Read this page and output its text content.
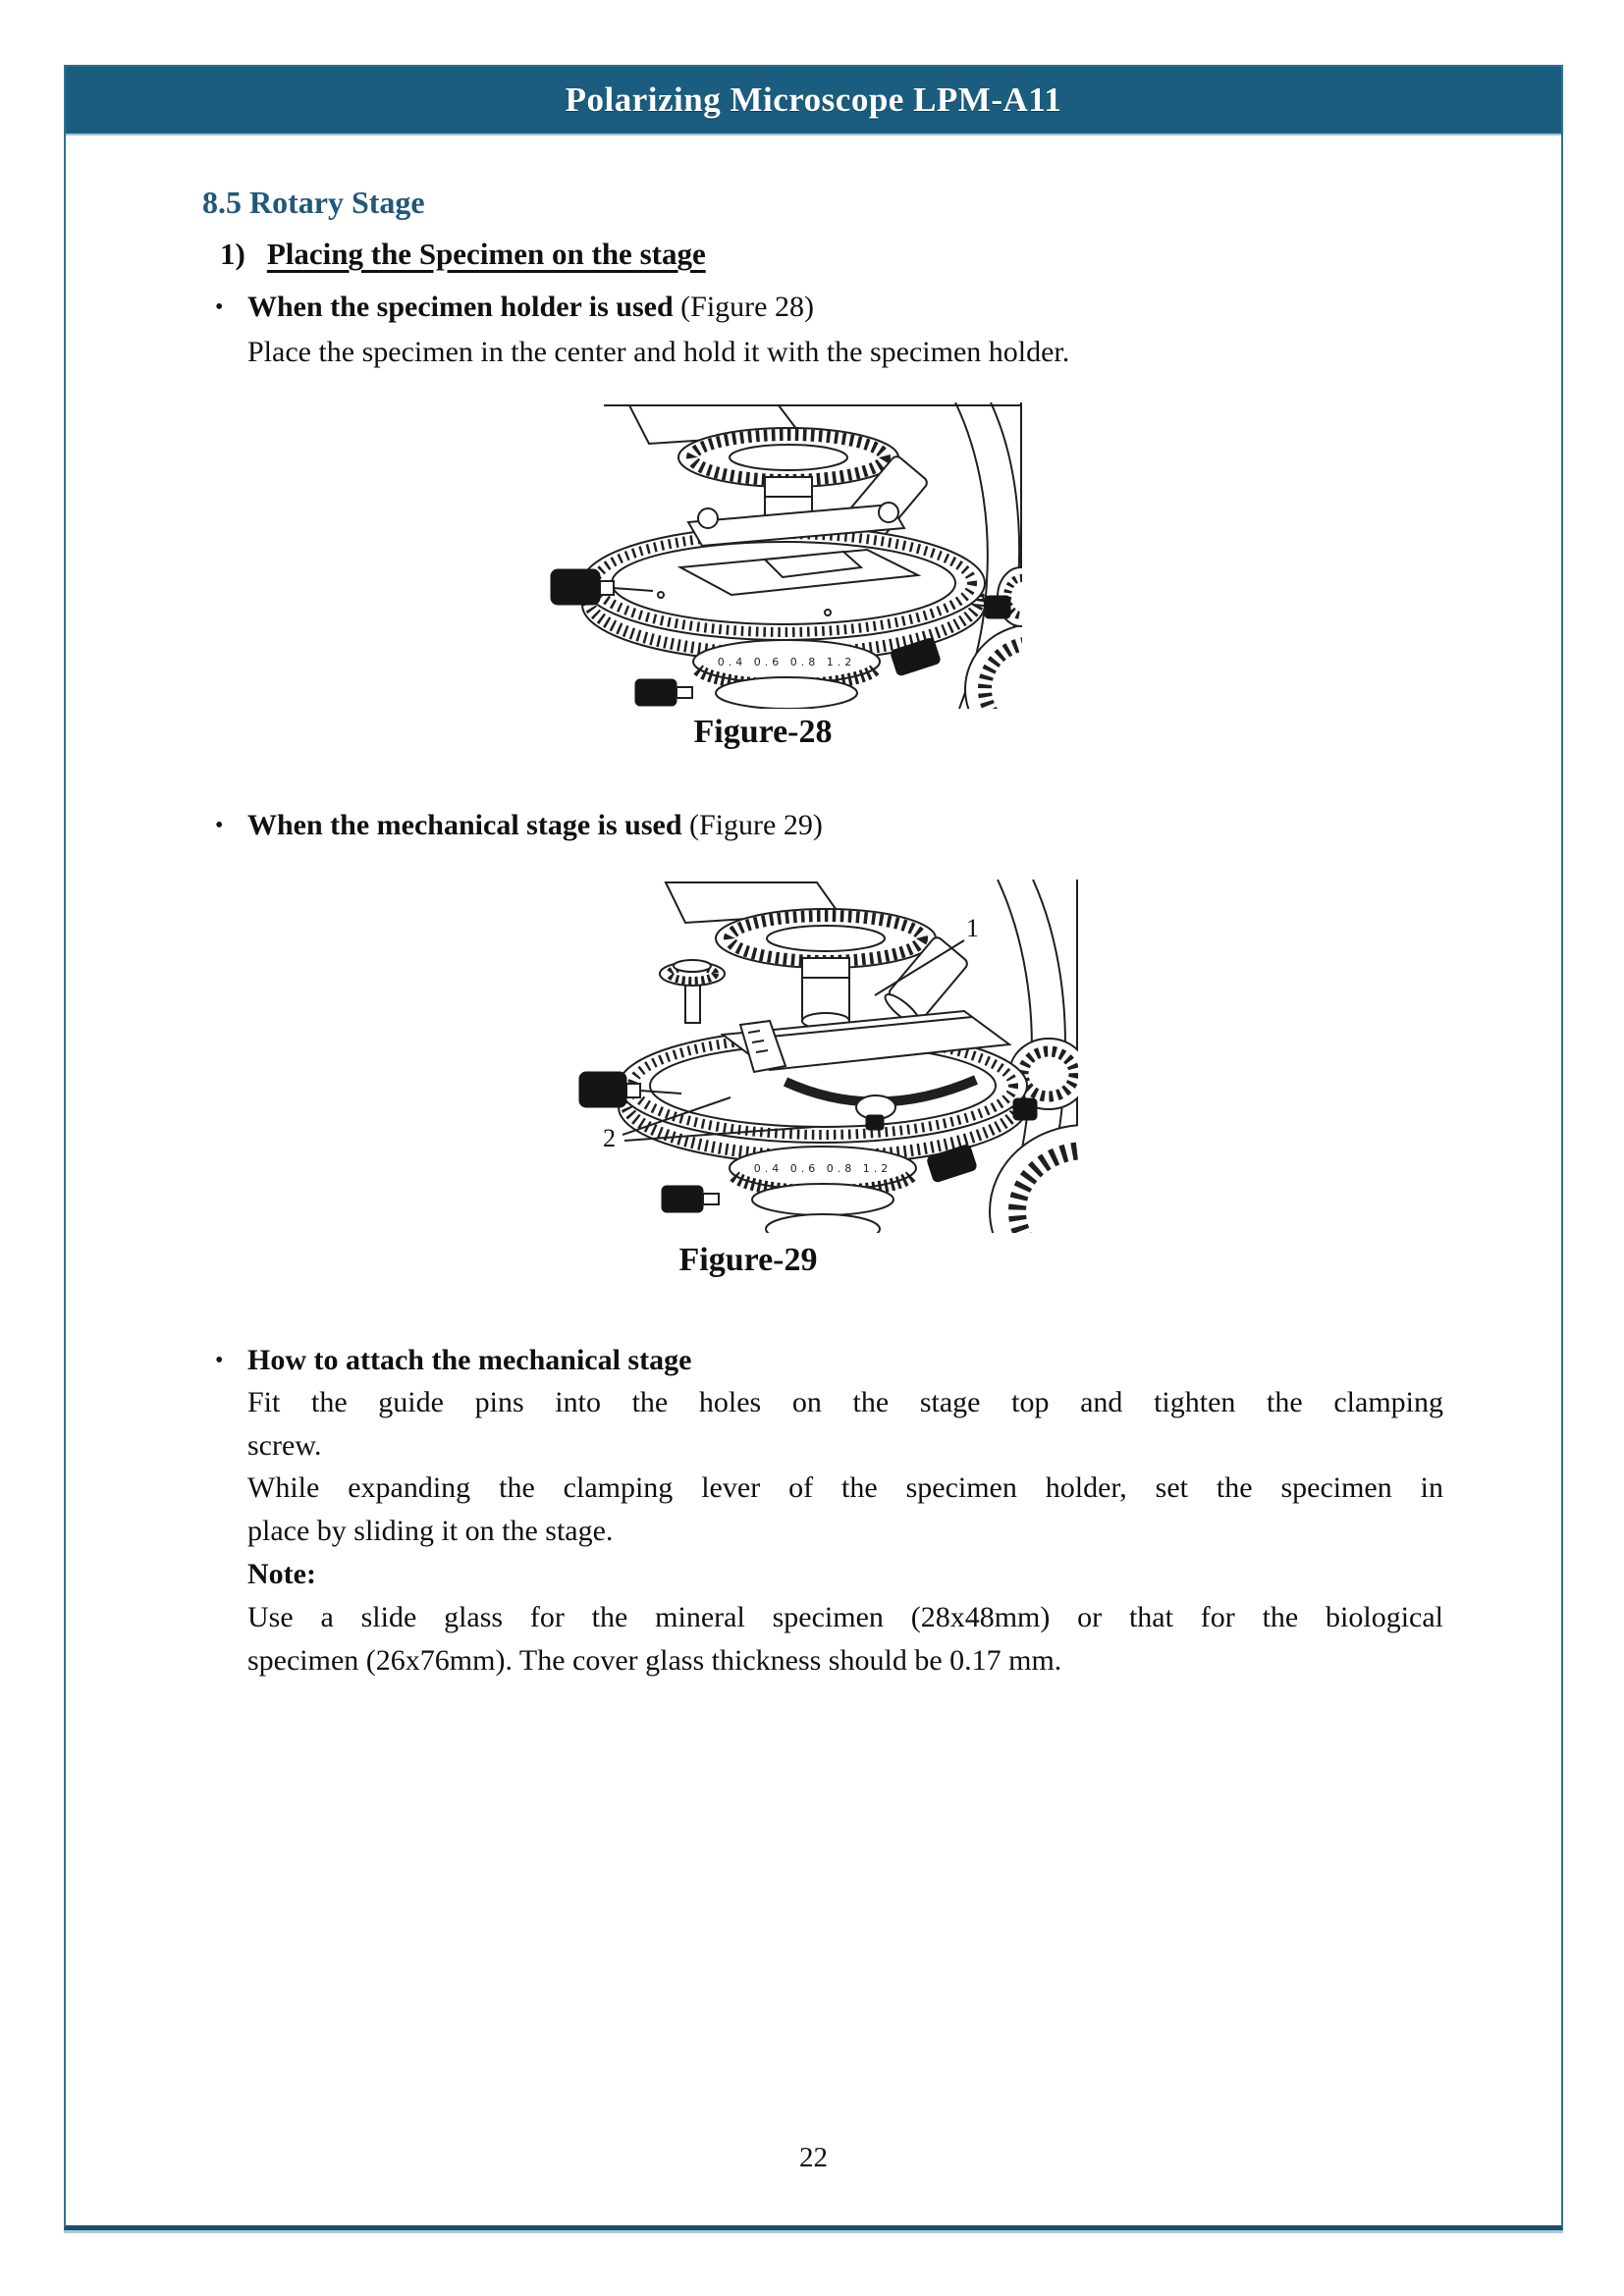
Polarizing Microscope LPM-A11
8.5 Rotary Stage
1) Placing the Specimen on the stage
• When the specimen holder is used (Figure 28)
Place the specimen in the center and hold it with the specimen holder.
0.4 0.6 0.8 1.2
Figure-28
• When the mechanical stage is used (Figure 29)
1
2
0.4 0.6 0.8 1.2
Figure-29
• How to attach the mechanical stage
Fit the guide pins into the holes on the stage top and tighten the clamping
screw.
While expanding the clamping lever of the specimen holder, set the specimen in
place by sliding it on the stage.
Note:
Use a slide glass for the mineral specimen (28x48mm) or that for the biological
specimen (26x76mm). The cover glass thickness should be 0.17 mm.
22
